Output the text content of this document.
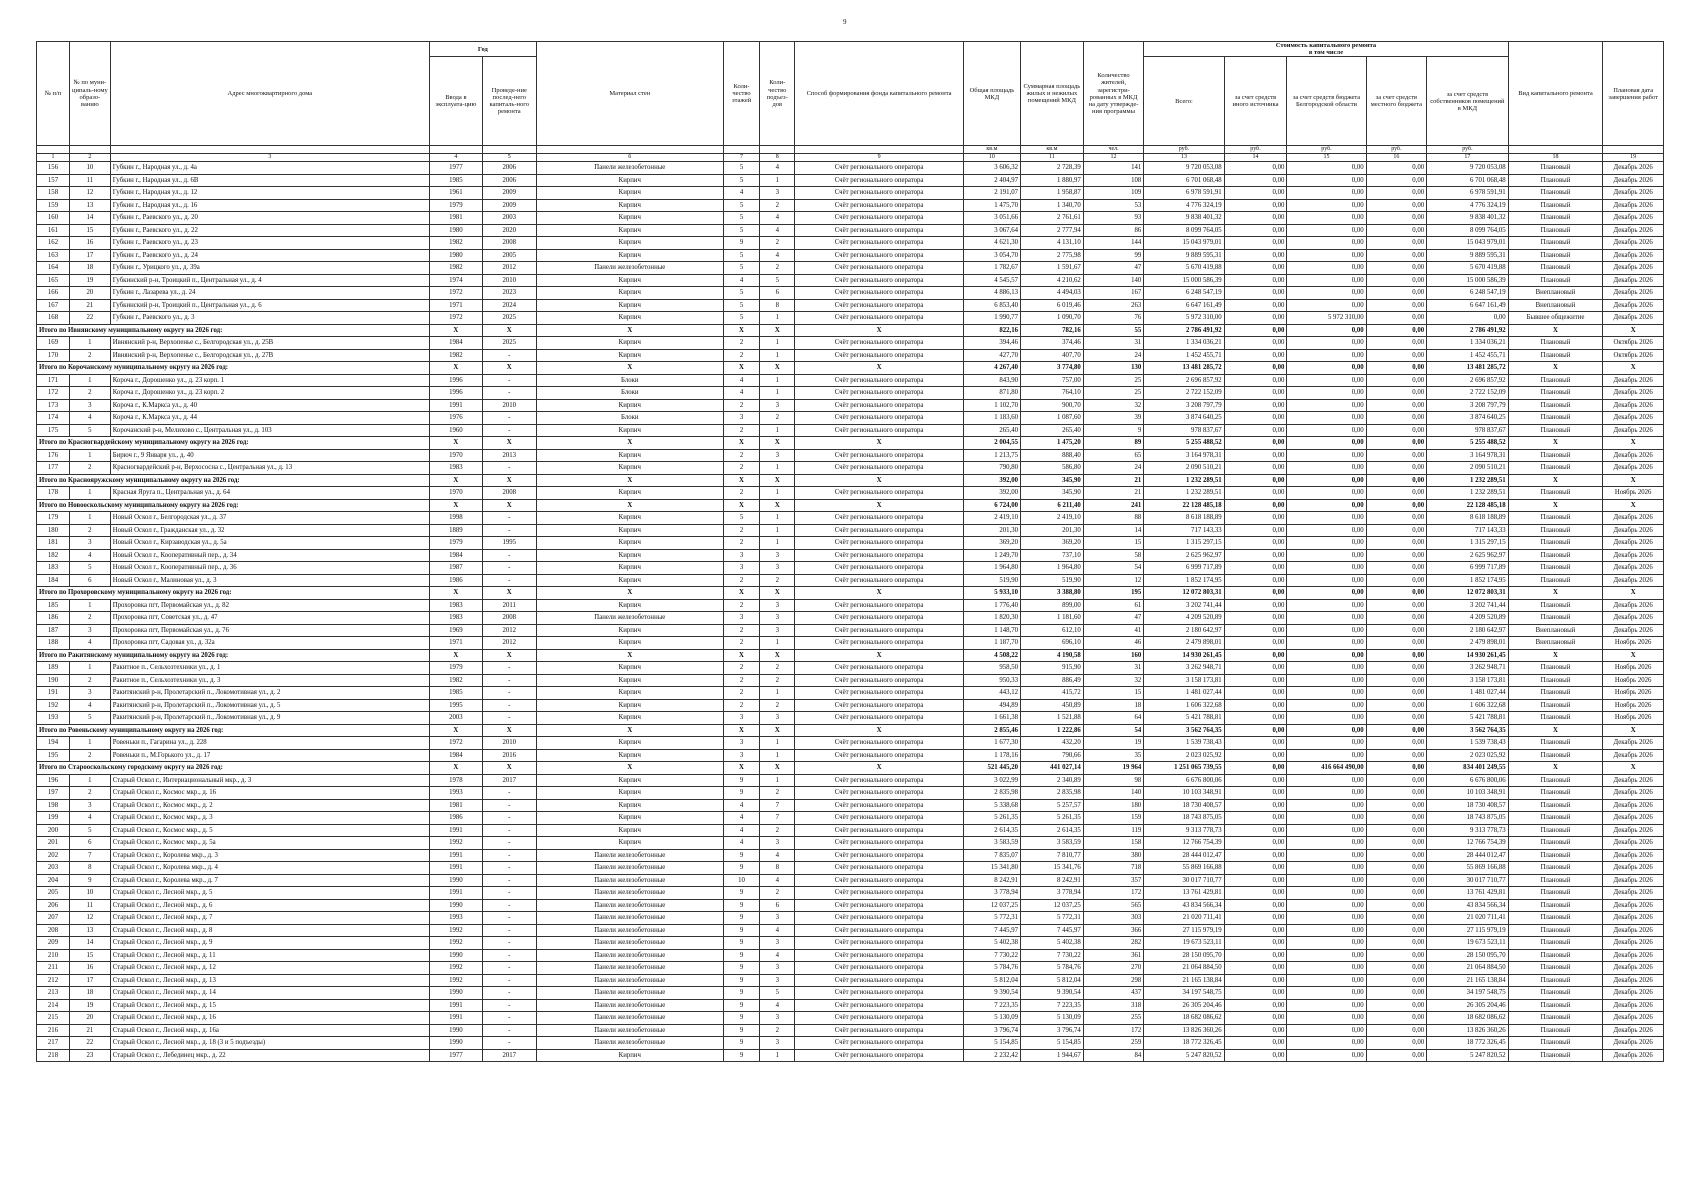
9
№ п/п	№ по муни-ципаль-ному образо-ванию	Адрес многоквартирного дома	Год		Материал стен	Коли-чество этажей	Коли-чество подъез-дов	Способ формирования фонда капитального ремонта	Общая площадь МКД	Суммарная площадь жилых и нежилых помещений МКД	Количество жителей, зарегистри-рованных в МКД на дату утвержде-ния программы	Стоимость капитального ремонта
в том числе					Вид капитального ремонта	Плановая дата завершения работ
			Ввода в эксплуата-цию	Проведе-ние послед-него капиталь-ного ремонта								Всего:	за счет средств иного источника	за счет средств бюджета Белгородской области	за счет средств местного бюджета	за счет средств собственников помещений в МКД		
									кв.м	кв.м	чел.	руб.	руб.	руб.	руб.	руб.		
1	2	3	4	5	6	7	8	9	10	11	12	13	14	15	16	17	18	19
156	10	Губкин г., Народная ул., д. 4а	1977	2006	Панели железобетонные	5	4	Счёт регионального оператора	3 606,32	2 728,39	141	9 720 053,08	0,00	0,00	0,00	9 720 053,08	Плановый	Декабрь 2026
157	11	Губкин г., Народная ул., д. 6В	1985	2006	Кирпич	5	1	Счёт регионального оператора	2 404,97	1 880,97	108	6 701 068,48	0,00	0,00	0,00	6 701 068,48	Плановый	Декабрь 2026
158	12	Губкин г., Народная ул., д. 12	1961	2009	Кирпич	4	3	Счёт регионального оператора	2 191,07	1 958,87	109	6 978 591,91	0,00	0,00	0,00	6 978 591,91	Плановый	Декабрь 2026
159	13	Губкин г., Народная ул., д. 16	1979	2009	Кирпич	5	2	Счёт регионального оператора	1 475,70	1 340,70	53	4 776 324,19	0,00	0,00	0,00	4 776 324,19	Плановый	Декабрь 2026
160	14	Губкин г., Раевского ул., д. 20	1981	2003	Кирпич	5	4	Счёт регионального оператора	3 051,66	2 761,61	93	9 838 401,32	0,00	0,00	0,00	9 838 401,32	Плановый	Декабрь 2026
161	15	Губкин г., Раевского ул., д. 22	1980	2020	Кирпич	5	4	Счёт регионального оператора	3 067,64	2 777,94	86	8 099 764,05	0,00	0,00	0,00	8 099 764,05	Плановый	Декабрь 2026
162	16	Губкин г., Раевского ул., д. 23	1982	2008	Кирпич	9	2	Счёт регионального оператора	4 621,30	4 131,10	144	15 043 979,01	0,00	0,00	0,00	15 043 979,01	Плановый	Декабрь 2026
163	17	Губкин г., Раевского ул., д. 24	1980	2005	Кирпич	5	4	Счёт регионального оператора	3 054,70	2 775,98	99	9 889 595,31	0,00	0,00	0,00	9 889 595,31	Плановый	Декабрь 2026
164	18	Губкин г., Урицкого ул., д. 39а	1982	2012	Панели железобетонные	5	2	Счёт регионального оператора	1 782,67	1 591,67	47	5 670 419,88	0,00	0,00	0,00	5 670 419,88	Плановый	Декабрь 2026
165	19	Губкинский р-н, Троицкий п., Центральная ул., д. 4	1974	2010	Кирпич	4	5	Счёт регионального оператора	4 545,57	4 210,62	140	15 000 586,39	0,00	0,00	0,00	15 000 586,39	Плановый	Декабрь 2026
166	20	Губкин г., Лазарева ул., д. 24	1972	2023	Кирпич	5	6	Счёт регионального оператора	4 886,13	4 494,03	167	6 248 547,19	0,00	0,00	0,00	6 248 547,19	Внеплановый	Декабрь 2026
167	21	Губкинский р-н, Троицкий п., Центральная ул., д. 6	1971	2024	Кирпич	5	8	Счёт регионального оператора	6 853,40	6 019,46	263	6 647 161,49	0,00	0,00	0,00	6 647 161,49	Внеплановый	Декабрь 2026
168	22	Губкин г., Раевского ул., д. 3	1972	2025	Кирпич	5	1	Счёт регионального оператора	1 990,77	1 090,70	76	5 972 310,00	0,00	5 972 310,00	0,00	0,00	Бывшее общежитие	Декабрь 2026
Итого по Ивнянскому муниципальному округу на 2026 год:			X	X	X	X	X	X	822,16	782,16	55	2 786 491,92	0,00	0,00	0,00	2 786 491,92	X	X
169	1	Ивнянский р-н, Верхопенье с., Белгородская ул., д. 25В	1984	2025	Кирпич	2	1	Счёт регионального оператора	394,46	374,46	31	1 334 036,21	0,00	0,00	0,00	1 334 036,21	Плановый	Октябрь 2026
170	2	Ивнянский р-н, Верхопенье с., Белгородская ул., д. 27В	1982	-	Кирпич	2	1	Счёт регионального оператора	427,70	407,70	24	1 452 455,71	0,00	0,00	0,00	1 452 455,71	Плановый	Октябрь 2026
Итого по Корочанскому муниципальному округу на 2026 год:			X	X	X	X	X	X	4 267,40	3 774,80	130	13 481 285,72	0,00	0,00	0,00	13 481 285,72	X	X
171	1	Короча г., Дорошенко ул., д. 23 корп. 1	1996	-	Блоки	4	1	Счёт регионального оператора	843,90	757,00	25	2 696 857,92	0,00	0,00	0,00	2 696 857,92	Плановый	Декабрь 2026
172	2	Короча г., Дорошенко ул., д. 23 корп. 2	1996	-	Блоки	4	1	Счёт регионального оператора	871,80	764,10	25	2 722 152,09	0,00	0,00	0,00	2 722 152,09	Плановый	Декабрь 2026
173	3	Короча г., К.Маркса ул., д. 40	1991	2010	Кирпич	2	3	Счёт регионального оператора	1 102,70	900,70	32	3 208 797,79	0,00	0,00	0,00	3 208 797,79	Плановый	Декабрь 2026
174	4	Короча г., К.Маркса ул., д. 44	1976	-	Блоки	3	2	Счёт регионального оператора	1 183,60	1 087,60	39	3 874 640,25	0,00	0,00	0,00	3 874 640,25	Плановый	Декабрь 2026
175	5	Корочанский р-н, Мелихово с., Центральная ул., д. 103	1960	-	Кирпич	2	1	Счёт регионального оператора	265,40	265,40	9	978 837,67	0,00	0,00	0,00	978 837,67	Плановый	Декабрь 2026
Итого по Красногвардейскому муниципальному округу на 2026 год:			X	X	X	X	X	X	2 004,55	1 475,20	89	5 255 488,52	0,00	0,00	0,00	5 255 488,52	X	X
176	1	Бирюч г., 9 Января ул., д. 40	1970	2013	Кирпич	2	3	Счёт регионального оператора	1 213,75	888,40	65	3 164 978,31	0,00	0,00	0,00	3 164 978,31	Плановый	Декабрь 2026
177	2	Красногвардейский р-н, Верхососна с., Центральная ул., д. 13	1983	-	Кирпич	2	1	Счёт регионального оператора	790,80	586,80	24	2 090 510,21	0,00	0,00	0,00	2 090 510,21	Плановый	Декабрь 2026
Итого по Краснояружскому муниципальному округу на 2026 год:			X	X	X	X	X	X	392,00	345,90	21	1 232 289,51	0,00	0,00	0,00	1 232 289,51	X	X
178	1	Красная Яруга п., Центральная ул., д. 64	1970	2008	Кирпич	2	1	Счёт регионального оператора	392,00	345,90	21	1 232 289,51	0,00	0,00	0,00	1 232 289,51	Плановый	Ноябрь 2026
Итого по Новооскольскому муниципальному округу на 2026 год:			X	X	X	X	X	X	6 724,00	6 211,40	241	22 128 485,18	0,00	0,00	0,00	22 128 485,18	X	X
179	1	Новый Оскол г., Белгородская ул., д. 37	1998	-	Кирпич	5	1	Счёт регионального оператора	2 419,10	2 419,10	88	8 618 188,89	0,00	0,00	0,00	8 618 188,89	Плановый	Декабрь 2026
180	2	Новый Оскол г., Гражданская ул., д. 32	1889	-	Кирпич	2	1	Счёт регионального оператора	201,30	201,30	14	717 143,33	0,00	0,00	0,00	717 143,33	Плановый	Декабрь 2026
181	3	Новый Оскол г., Кирзаводская ул., д. 5а	1979	1995	Кирпич	2	1	Счёт регионального оператора	369,20	369,20	15	1 315 297,15	0,00	0,00	0,00	1 315 297,15	Плановый	Декабрь 2026
182	4	Новый Оскол г., Кооперативный пер., д. 34	1984	-	Кирпич	3	3	Счёт регионального оператора	1 249,70	737,10	58	2 625 962,97	0,00	0,00	0,00	2 625 962,97	Плановый	Декабрь 2026
183	5	Новый Оскол г., Кооперативный пер., д. 36	1987	-	Кирпич	3	3	Счёт регионального оператора	1 964,80	1 964,80	54	6 999 717,89	0,00	0,00	0,00	6 999 717,89	Плановый	Декабрь 2026
184	6	Новый Оскол г., Малиновая ул., д. 3	1986	-	Кирпич	2	2	Счёт регионального оператора	519,90	519,90	12	1 852 174,95	0,00	0,00	0,00	1 852 174,95	Плановый	Декабрь 2026
Итого по Прохоровскому муниципальному округу на 2026 год:			X	X	X	X	X	X	5 933,10	3 388,80	195	12 072 803,31	0,00	0,00	0,00	12 072 803,31	X	X
185	1	Прохоровка пгт, Первомайская ул., д. 82	1983	2011	Кирпич	2	3	Счёт регионального оператора	1 776,40	899,00	61	3 202 741,44	0,00	0,00	0,00	3 202 741,44	Плановый	Декабрь 2026
186	2	Прохоровка пгт, Советская ул., д. 47	1983	2008	Панели железобетонные	3	3	Счёт регионального оператора	1 820,30	1 181,60	47	4 209 520,89	0,00	0,00	0,00	4 209 520,89	Плановый	Декабрь 2026
187	3	Прохоровка пгт, Первомайская ул., д. 76	1969	2012	Кирпич	2	3	Счёт регионального оператора	1 148,70	612,10	41	2 180 642,97	0,00	0,00	0,00	2 180 642,97	Внеплановый	Декабрь 2026
188	4	Прохоровка пгт, Садовая ул., д. 32а	1971	2012	Кирпич	2	1	Счёт регионального оператора	1 187,70	696,10	46	2 479 898,01	0,00	0,00	0,00	2 479 898,01	Внеплановый	Ноябрь 2026
Итого по Ракитянскому муниципальному округу на 2026 год:			X	X	X	X	X	X	4 508,22	4 190,58	160	14 930 261,45	0,00	0,00	0,00	14 930 261,45	X	X
189	1	Ракитное п., Сельхозтехники ул., д. 1	1979	-	Кирпич	2	2	Счёт регионального оператора	958,50	915,90	31	3 262 948,71	0,00	0,00	0,00	3 262 948,71	Плановый	Ноябрь 2026
190	2	Ракитное п., Сельхозтехники ул., д. 3	1982	-	Кирпич	2	2	Счёт регионального оператора	950,33	886,49	32	3 158 173,81	0,00	0,00	0,00	3 158 173,81	Плановый	Ноябрь 2026
191	3	Ракитянский р-н, Пролетарский п., Локомотивная ул., д. 2	1985	-	Кирпич	2	1	Счёт регионального оператора	443,12	415,72	15	1 481 027,44	0,00	0,00	0,00	1 481 027,44	Плановый	Ноябрь 2026
192	4	Ракитянский р-н, Пролетарский п., Локомотивная ул., д. 5	1995	-	Кирпич	2	2	Счёт регионального оператора	494,89	450,89	18	1 606 322,68	0,00	0,00	0,00	1 606 322,68	Плановый	Ноябрь 2026
193	5	Ракитянский р-н, Пролетарский п., Локомотивная ул., д. 9	2003	-	Кирпич	3	3	Счёт регионального оператора	1 661,38	1 521,88	64	5 421 788,81	0,00	0,00	0,00	5 421 788,81	Плановый	Ноябрь 2026
Итого по Ровеньскому муниципальному округу на 2026 год:			X	X	X	X	X	X	2 855,46	1 222,86	54	3 562 764,35	0,00	0,00	0,00	3 562 764,35	X	X
194	1	Ровеньки п., Гагарина ул., д. 228	1972	2010	Кирпич	3	1	Счёт регионального оператора	1 677,30	432,20	19	1 539 738,43	0,00	0,00	0,00	1 539 738,43	Плановый	Декабрь 2026
195	2	Ровеньки п., М.Горького ул., д. 17	1984	2016	Кирпич	3	1	Счёт регионального оператора	1 178,16	790,66	35	2 023 025,92	0,00	0,00	0,00	2 023 025,92	Плановый	Декабрь 2026
Итого по Старооскольскому городскому округу на 2026 год:			X	X	X	X	X	X	521 445,20	441 027,14	19 964	1 251 065 739,55	0,00	416 664 490,00	0,00	834 401 249,55	X	X
196	1	Старый Оскол г., Интернациональный мкр., д. 3	1978	2017	Кирпич	9	1	Счёт регионального оператора	3 022,99	2 340,89	98	6 676 800,06	0,00	0,00	0,00	6 676 800,06	Плановый	Декабрь 2026
197	2	Старый Оскол г., Космос мкр., д. 16	1993	-	Кирпич	9	2	Счёт регионального оператора	2 835,98	2 835,98	140	10 103 348,91	0,00	0,00	0,00	10 103 348,91	Плановый	Декабрь 2026
198	3	Старый Оскол г., Космос мкр., д. 2	1981	-	Кирпич	4	7	Счёт регионального оператора	5 338,68	5 257,57	180	18 730 408,57	0,00	0,00	0,00	18 730 408,57	Плановый	Декабрь 2026
199	4	Старый Оскол г., Космос мкр., д. 3	1986	-	Кирпич	4	7	Счёт регионального оператора	5 261,35	5 261,35	159	18 743 875,05	0,00	0,00	0,00	18 743 875,05	Плановый	Декабрь 2026
200	5	Старый Оскол г., Космос мкр., д. 5	1991	-	Кирпич	4	2	Счёт регионального оператора	2 614,35	2 614,35	119	9 313 778,73	0,00	0,00	0,00	9 313 778,73	Плановый	Декабрь 2026
201	6	Старый Оскол г., Космос мкр., д. 5а	1992	-	Кирпич	4	3	Счёт регионального оператора	3 583,59	3 583,59	158	12 766 754,39	0,00	0,00	0,00	12 766 754,39	Плановый	Декабрь 2026
202	7	Старый Оскол г., Королева мкр., д. 3	1991	-	Панели железобетонные	9	4	Счёт регионального оператора	7 835,07	7 810,77	380	28 444 012,47	0,00	0,00	0,00	28 444 012,47	Плановый	Декабрь 2026
203	8	Старый Оскол г., Королева мкр., д. 4	1991	-	Панели железобетонные	9	8	Счёт регионального оператора	15 341,80	15 341,76	718	55 869 166,88	0,00	0,00	0,00	55 869 166,88	Плановый	Декабрь 2026
204	9	Старый Оскол г., Королева мкр., д. 7	1990	-	Панели железобетонные	10	4	Счёт регионального оператора	8 242,91	8 242,91	357	30 017 710,77	0,00	0,00	0,00	30 017 710,77	Плановый	Декабрь 2026
205	10	Старый Оскол г., Лесной мкр., д. 5	1991	-	Панели железобетонные	9	2	Счёт регионального оператора	3 778,94	3 778,94	172	13 761 429,81	0,00	0,00	0,00	13 761 429,81	Плановый	Декабрь 2026
206	11	Старый Оскол г., Лесной мкр., д. 6	1990	-	Панели железобетонные	9	6	Счёт регионального оператора	12 037,25	12 037,25	565	43 834 566,34	0,00	0,00	0,00	43 834 566,34	Плановый	Декабрь 2026
207	12	Старый Оскол г., Лесной мкр., д. 7	1993	-	Панели железобетонные	9	3	Счёт регионального оператора	5 772,31	5 772,31	303	21 020 711,41	0,00	0,00	0,00	21 020 711,41	Плановый	Декабрь 2026
208	13	Старый Оскол г., Лесной мкр., д. 8	1992	-	Панели железобетонные	9	4	Счёт регионального оператора	7 445,97	7 445,97	366	27 115 979,19	0,00	0,00	0,00	27 115 979,19	Плановый	Декабрь 2026
209	14	Старый Оскол г., Лесной мкр., д. 9	1992	-	Панели железобетонные	9	3	Счёт регионального оператора	5 402,38	5 402,38	282	19 673 523,11	0,00	0,00	0,00	19 673 523,11	Плановый	Декабрь 2026
210	15	Старый Оскол г., Лесной мкр., д. 11	1990	-	Панели железобетонные	9	4	Счёт регионального оператора	7 730,22	7 730,22	361	28 150 095,70	0,00	0,00	0,00	28 150 095,70	Плановый	Декабрь 2026
211	16	Старый Оскол г., Лесной мкр., д. 12	1992	-	Панели железобетонные	9	3	Счёт регионального оператора	5 784,76	5 784,76	270	21 064 884,50	0,00	0,00	0,00	21 064 884,50	Плановый	Декабрь 2026
212	17	Старый Оскол г., Лесной мкр., д. 13	1992	-	Панели железобетонные	9	3	Счёт регионального оператора	5 812,04	5 812,04	298	21 165 138,84	0,00	0,00	0,00	21 165 138,84	Плановый	Декабрь 2026
213	18	Старый Оскол г., Лесной мкр., д. 14	1990	-	Панели железобетонные	9	5	Счёт регионального оператора	9 390,54	9 390,54	437	34 197 548,75	0,00	0,00	0,00	34 197 548,75	Плановый	Декабрь 2026
214	19	Старый Оскол г., Лесной мкр., д. 15	1991	-	Панели железобетонные	9	4	Счёт регионального оператора	7 223,35	7 223,35	318	26 305 204,46	0,00	0,00	0,00	26 305 204,46	Плановый	Декабрь 2026
215	20	Старый Оскол г., Лесной мкр., д. 16	1991	-	Панели железобетонные	9	3	Счёт регионального оператора	5 130,09	5 130,09	255	18 682 086,62	0,00	0,00	0,00	18 682 086,62	Плановый	Декабрь 2026
216	21	Старый Оскол г., Лесной мкр., д. 16а	1990	-	Панели железобетонные	9	2	Счёт регионального оператора	3 796,74	3 796,74	172	13 826 360,26	0,00	0,00	0,00	13 826 360,26	Плановый	Декабрь 2026
217	22	Старый Оскол г., Лесной мкр., д. 18 (3 и 5 подъезды)	1990	-	Панели железобетонные	9	3	Счёт регионального оператора	5 154,85	5 154,85	259	18 772 326,45	0,00	0,00	0,00	18 772 326,45	Плановый	Декабрь 2026
218	23	Старый Оскол г., Лебединец мкр., д. 22	1977	2017	Кирпич	9	1	Счёт регионального оператора	2 232,42	1 944,67	84	5 247 820,52	0,00	0,00	0,00	5 247 820,52	Плановый	Декабрь 2026
